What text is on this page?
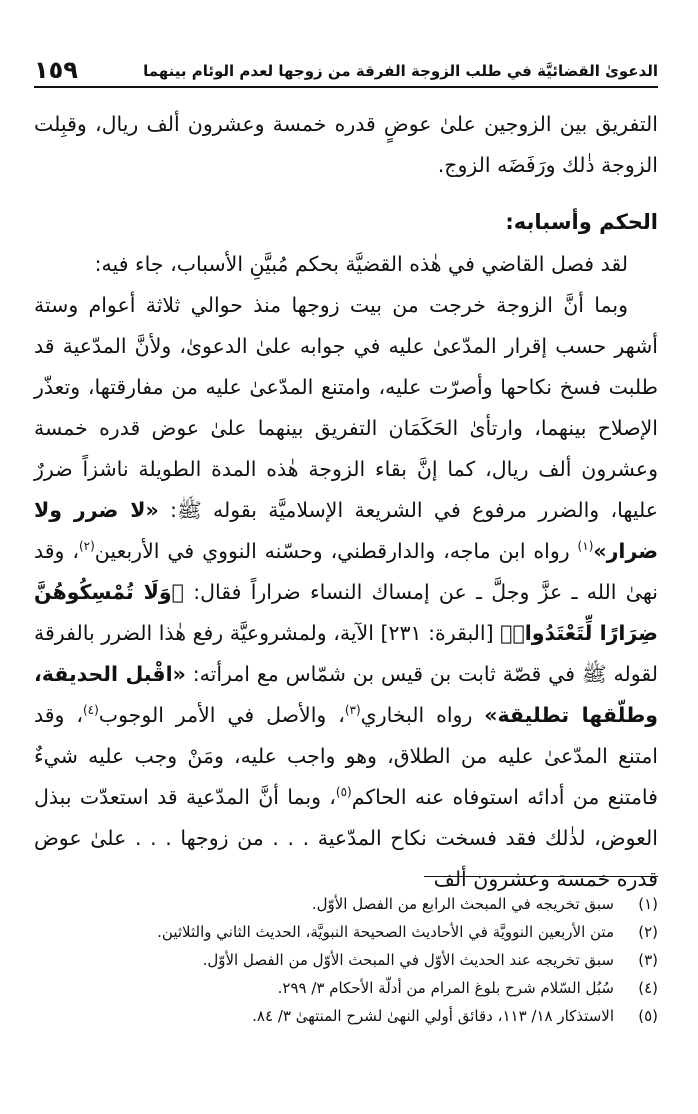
الدعوىٰ القضائيَّة في طلب الزوجة الفرقة من زوجها لعدم الوئام بينهما
١٥٩

التفريق بين الزوجين علىٰ عوضٍ قدره خمسة وعشرون ألف ريال، وقبِلت الزوجة ذٰلك ورَفَضَه الزوج.

الحكم وأسبابه:

لقد فصل القاضي في هٰذه القضيَّة بحكم مُبيَّنِ الأسباب، جاء فيه:

وبما أنَّ الزوجة خرجت من بيت زوجها منذ حوالي ثلاثة أعوام وستة أشهر حسب إقرار المدّعىٰ عليه في جوابه علىٰ الدعوىٰ، ولأنَّ المدّعية قد طلبت فسخ نكاحها وأصرّت عليه، وامتنع المدّعىٰ عليه من مفارقتها، وتعذّر الإصلاح بينهما، وارتأىٰ الحَكَمَان التفريق بينهما علىٰ عوض قدره خمسة وعشرون ألف ريال، كما إنَّ بقاء الزوجة هٰذه المدة الطويلة ناشزاً ضررٌ عليها، والضرر مرفوع في الشريعة الإسلاميَّة بقوله ﷺ: «لا ضرر ولا ضرار»$^{(١)}$ رواه ابن ماجه، والدارقطني، وحسّنه النووي في الأربعين$^{(٢)}$، وقد نهىٰ الله ـ عزَّ وجلَّ ـ عن إمساك النساء ضراراً فقال: ﴿وَلَا تُمْسِكُوهُنَّ ضِرَارًا لِّتَعْتَدُوا۟﴾ [البقرة: ٢٣١] الآية، ولمشروعيَّة رفع هٰذا الضرر بالفرقة لقوله ﷺ في قصّة ثابت بن قيس بن شمّاس مع امرأته: «اقْبل الحديقة، وطلّقها تطليقة» رواه البخاري$^{(٣)}$، والأصل في الأمر الوجوب$^{(٤)}$، وقد امتنع المدّعىٰ عليه من الطلاق، وهو واجب عليه، ومَنْ وجب عليه شيءٌ فامتنع من أدائه استوفاه عنه الحاكم$^{(٥)}$، وبما أنَّ المدّعية قد استعدّت ببذل العوض، لذٰلك فقد فسخت نكاح المدّعية . . . من زوجها . . . علىٰ عوض قدره خمسة وعشرون ألف

(١)
سبق تخريجه في المبحث الرابع من الفصل الأوّل.
(٢)
متن الأربعين النوويَّة في الأحاديث الصحيحة النبويَّة، الحديث الثاني والثلاثين.
(٣)
سبق تخريجه عند الحديث الأوّل في المبحث الأوّل من الفصل الأوّل.
(٤)
سُبُل السّلام شرح بلوغ المرام من أدلّة الأحكام ٣/ ٢٩٩.
(٥)
الاستذكار ١٨/ ١١٣، دقائق أولي النهىٰ لشرح المنتهىٰ ٣/ ٨٤.
